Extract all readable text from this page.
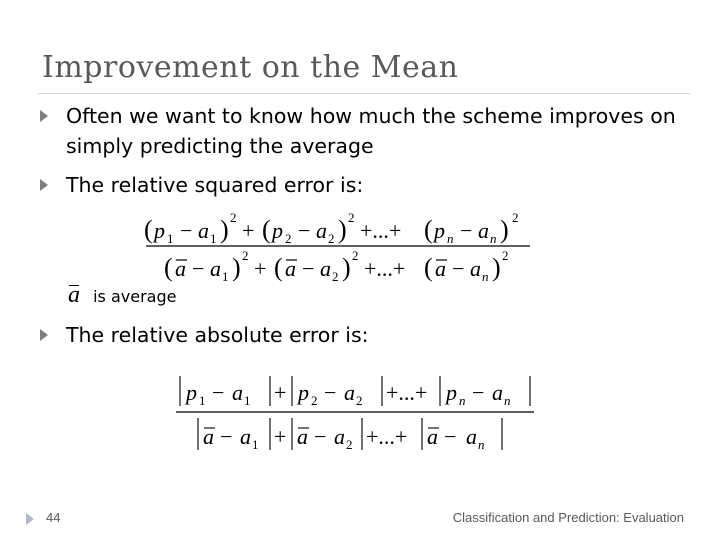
Improvement on the Mean
Often we want to know how much the scheme improves on simply predicting the average
The relative squared error is:
( p 1 − a 1 ) 2
+ ( p 2 − a 2 ) 2
+...+ ( p n − a n ) 2
( a − a 1 ) 2
+ ( a − a 2 ) 2
+...+ ( a − a n ) 2
a is average
The relative absolute error is:
p 1 − a 1 + p 2 − a 2 +...+ p n − a n
a − a 1 + a − a 2 +...+ a − a n
44	Classification and Prediction: Evaluation
